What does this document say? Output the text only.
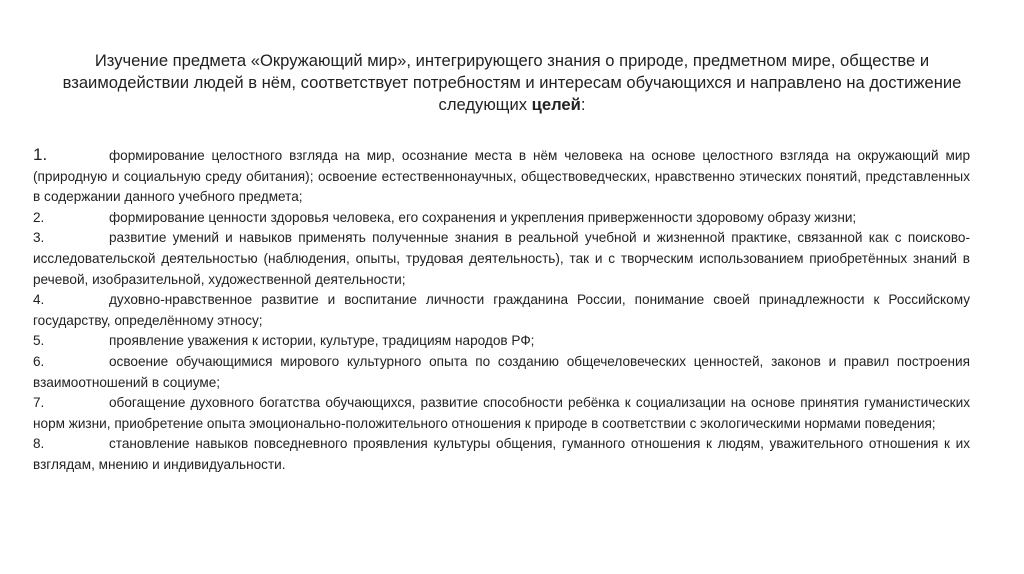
Изучение предмета «Окружающий мир», интегрирующего знания о природе, предметном мире, обществе и взаимодействии людей в нём, соответствует потребностям и интересам обучающихся и направлено на достижение следующих целей:

1.	формирование целостного взгляда на мир, осознание места в нём человека на основе целостного взгляда на окружающий мир (природную и социальную среду обитания); освоение естественнонаучных, обществоведческих, нравственно этических понятий, представленных в содержании данного учебного предмета;

2.	формирование ценности здоровья человека, его сохранения и укрепления приверженности здоровому образу жизни;

3.	развитие умений и навыков применять полученные знания в реальной учебной и жизненной практике, связанной как с поисково-исследовательской деятельностью (наблюдения, опыты, трудовая деятельность), так и с творческим использованием приобретённых знаний в речевой, изобразительной, художественной деятельности;

4.	духовно-нравственное развитие и воспитание личности гражданина России, понимание своей принадлежности к Российскому государству, определённому этносу;

5.	проявление уважения к истории, культуре, традициям народов РФ;

6.	освоение обучающимися мирового культурного опыта по созданию общечеловеческих ценностей, законов и правил построения взаимоотношений в социуме;

7.	обогащение духовного богатства обучающихся, развитие способности ребёнка к социализации на основе принятия гуманистических норм жизни, приобретение опыта эмоционально-положительного отношения к природе в соответствии с экологическими нормами поведения;

8.	становление навыков повседневного проявления культуры общения, гуманного отношения к людям, уважительного отношения к их взглядам, мнению и индивидуальности.
